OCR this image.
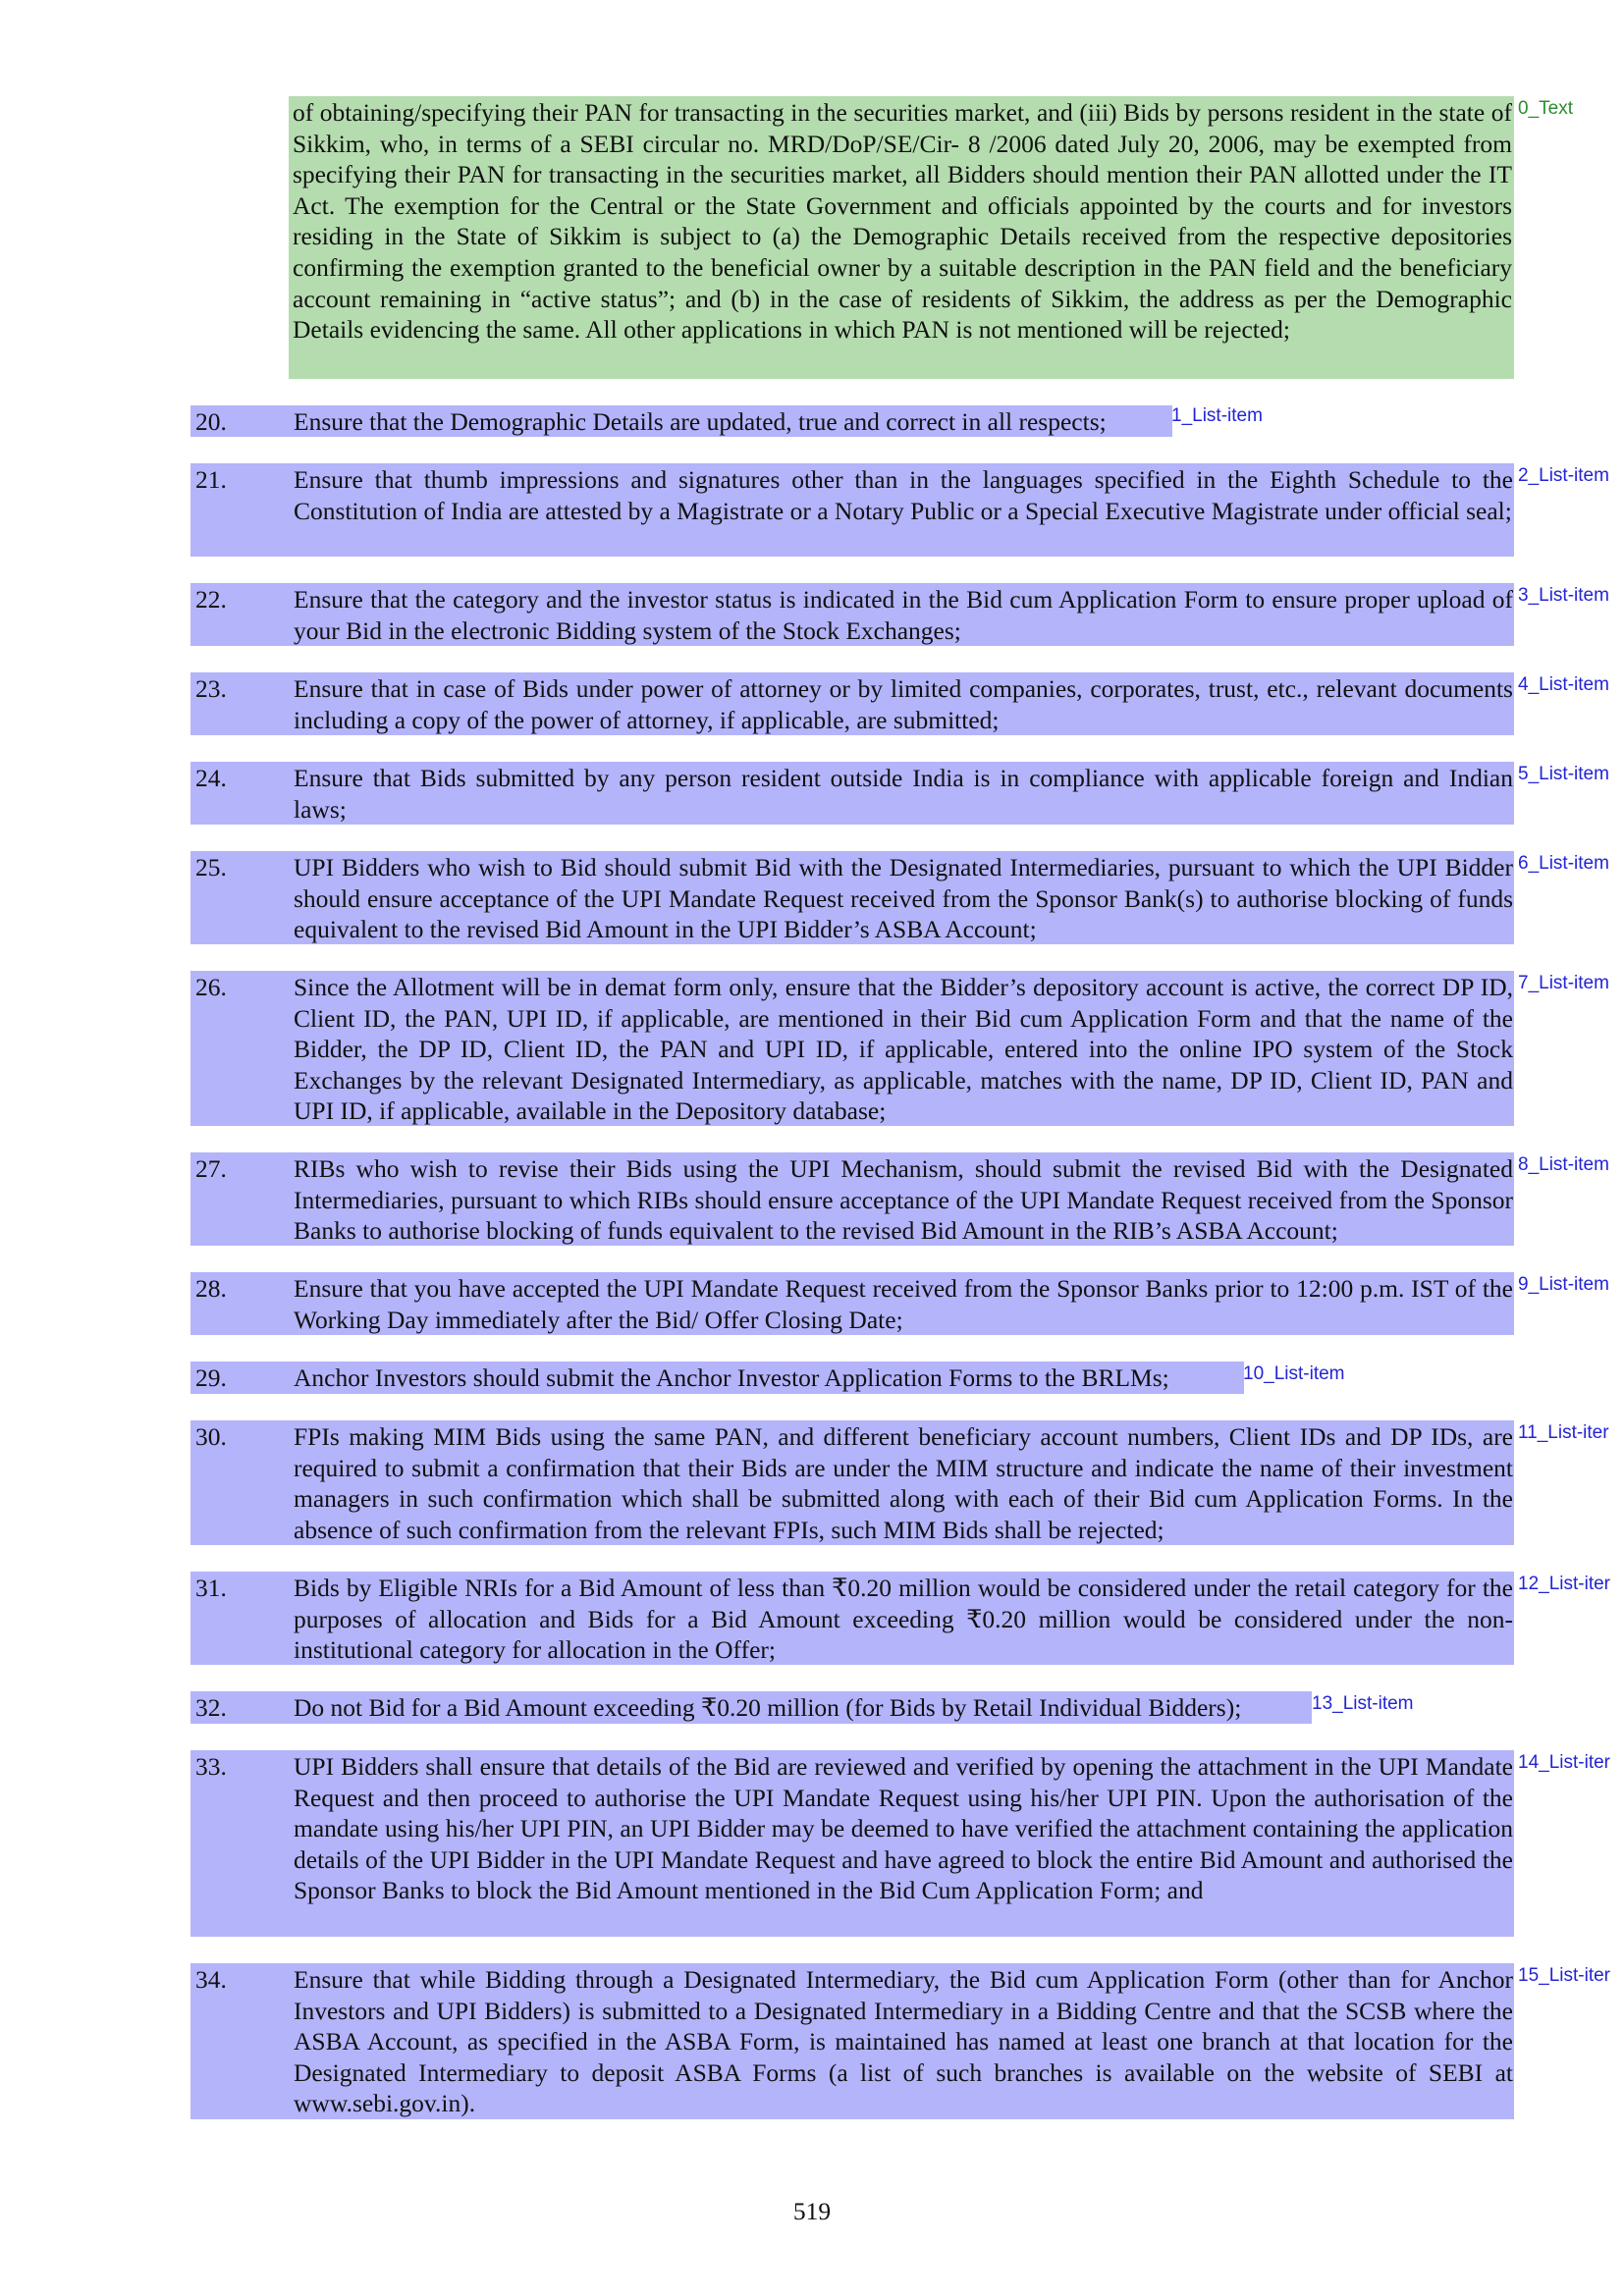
of obtaining/specifying their PAN for transacting in the securities market, and (iii) Bids by persons resident in the state of Sikkim, who, in terms of a SEBI circular no. MRD/DoP/SE/Cir- 8 /2006 dated July 20, 2006, may be exempted from specifying their PAN for transacting in the securities market, all Bidders should mention their PAN allotted under the IT Act. The exemption for the Central or the State Government and officials appointed by the courts and for investors residing in the State of Sikkim is subject to (a) the Demographic Details received from the respective depositories confirming the exemption granted to the beneficial owner by a suitable description in the PAN field and the beneficiary account remaining in “active status”; and (b) in the case of residents of Sikkim, the address as per the Demographic Details evidencing the same. All other applications in which PAN is not mentioned will be rejected;

0_Text
20.	Ensure that the Demographic Details are updated, true and correct in all respects;	1_List-item
21.	Ensure that thumb impressions and signatures other than in the languages specified in the Eighth Schedule to the Constitution of India are attested by a Magistrate or a Notary Public or a Special Executive Magistrate under official seal;

2_List-item
22.	Ensure that the category and the investor status is indicated in the Bid cum Application Form to ensure proper upload of your Bid in the electronic Bidding system of the Stock Exchanges;

3_List-item
23.	Ensure that in case of Bids under power of attorney or by limited companies, corporates, trust, etc., relevant documents including a copy of the power of attorney, if applicable, are submitted;

4_List-item
24.	Ensure that Bids submitted by any person resident outside India is in compliance with applicable foreign and Indian laws;

5_List-item
25.	UPI Bidders who wish to Bid should submit Bid with the Designated Intermediaries, pursuant to which the UPI Bidder should ensure acceptance of the UPI Mandate Request received from the Sponsor Bank(s) to authorise blocking of funds equivalent to the revised Bid Amount in the UPI Bidder’s ASBA Account;

6_List-item
26.	Since the Allotment will be in demat form only, ensure that the Bidder’s depository account is active, the correct DP ID, Client ID, the PAN, UPI ID, if applicable, are mentioned in their Bid cum Application Form and that the name of the Bidder, the DP ID, Client ID, the PAN and UPI ID, if applicable, entered into the online IPO system of the Stock Exchanges by the relevant Designated Intermediary, as applicable, matches with the name, DP ID, Client ID, PAN and UPI ID, if applicable, available in the Depository database;

7_List-item
27.	RIBs who wish to revise their Bids using the UPI Mechanism, should submit the revised Bid with the Designated Intermediaries, pursuant to which RIBs should ensure acceptance of the UPI Mandate Request received from the Sponsor Banks to authorise blocking of funds equivalent to the revised Bid Amount in the RIB’s ASBA Account;

8_List-item
28.	Ensure that you have accepted the UPI Mandate Request received from the Sponsor Banks prior to 12:00 p.m. IST of the Working Day immediately after the Bid/ Offer Closing Date;

9_List-item
29.	Anchor Investors should submit the Anchor Investor Application Forms to the BRLMs;	10_List-item
30.	FPIs making MIM Bids using the same PAN, and different beneficiary account numbers, Client IDs and DP IDs, are required to submit a confirmation that their Bids are under the MIM structure and indicate the name of their investment managers in such confirmation which shall be submitted along with each of their Bid cum Application Forms. In the absence of such confirmation from the relevant FPIs, such MIM Bids shall be rejected;

11_List-iter
31.	Bids by Eligible NRIs for a Bid Amount of less than ₹0.20 million would be considered under the retail category for the purposes of allocation and Bids for a Bid Amount exceeding ₹0.20 million would be considered under the non-institutional category for allocation in the Offer;

12_List-iter
32.	Do not Bid for a Bid Amount exceeding ₹0.20 million (for Bids by Retail Individual Bidders);	13_List-item
33.	UPI Bidders shall ensure that details of the Bid are reviewed and verified by opening the attachment in the UPI Mandate Request and then proceed to authorise the UPI Mandate Request using his/her UPI PIN. Upon the authorisation of the mandate using his/her UPI PIN, an UPI Bidder may be deemed to have verified the attachment containing the application details of the UPI Bidder in the UPI Mandate Request and have agreed to block the entire Bid Amount and authorised the Sponsor Banks to block the Bid Amount mentioned in the Bid Cum Application Form; and

14_List-iter
34.	Ensure that while Bidding through a Designated Intermediary, the Bid cum Application Form (other than for Anchor Investors and UPI Bidders) is submitted to a Designated Intermediary in a Bidding Centre and that the SCSB where the ASBA Account, as specified in the ASBA Form, is maintained has named at least one branch at that location for the Designated Intermediary to deposit ASBA Forms (a list of such branches is available on the website of SEBI at www.sebi.gov.in).

15_List-iter
519
